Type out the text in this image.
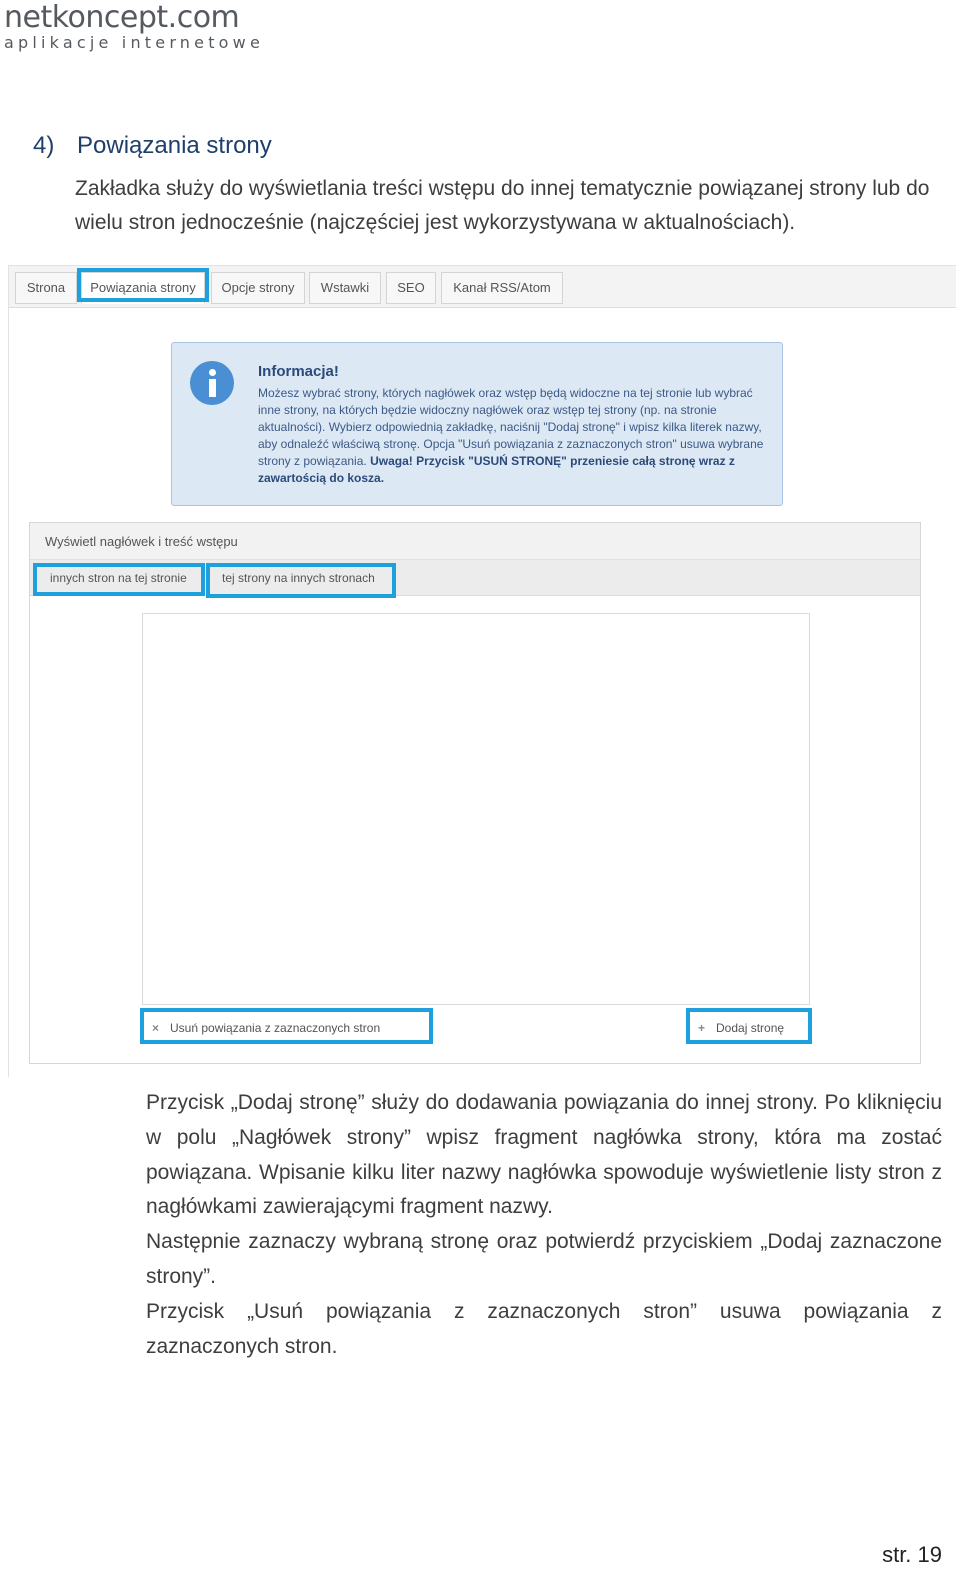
netkoncept.com
aplikacje internetowe
4) Powiązania strony
Zakładka służy do wyświetlania treści wstępu do innej tematycznie powiązanej strony lub do wielu stron jednocześnie (najczęściej jest wykorzystywana w aktualnościach).
Strona	Powiązania strony	Opcje strony	Wstawki	SEO	Kanał RSS/Atom
Informacja!
Możesz wybrać strony, których nagłówek oraz wstęp będą widoczne na tej stronie lub wybrać inne strony, na których będzie widoczny nagłówek oraz wstęp tej strony (np. na stronie aktualności). Wybierz odpowiednią zakładkę, naciśnij "Dodaj stronę" i wpisz kilka literek nazwy, aby odnaleźć właściwą stronę. Opcja "Usuń powiązania z zaznaczonych stron" usuwa wybrane strony z powiązania. Uwaga! Przycisk "USUŃ STRONĘ" przeniesie całą stronę wraz z zawartością do kosza.
Wyświetl nagłówek i treść wstępu
innych stron na tej stronie	tej strony na innych stronach
× Usuń powiązania z zaznaczonych stron	+ Dodaj stronę

Przycisk „Dodaj stronę” służy do dodawania powiązania do innej strony. Po kliknięciu w polu „Nagłówek strony” wpisz fragment nagłówka strony, która ma zostać powiązana. Wpisanie kilku liter nazwy nagłówka spowoduje wyświetlenie listy stron z nagłówkami zawierającymi fragment nazwy.

Następnie zaznaczy wybraną stronę oraz potwierdź przyciskiem „Dodaj zaznaczone strony”.

Przycisk „Usuń powiązania z zaznaczonych stron” usuwa powiązania z zaznaczonych stron.

str. 19
